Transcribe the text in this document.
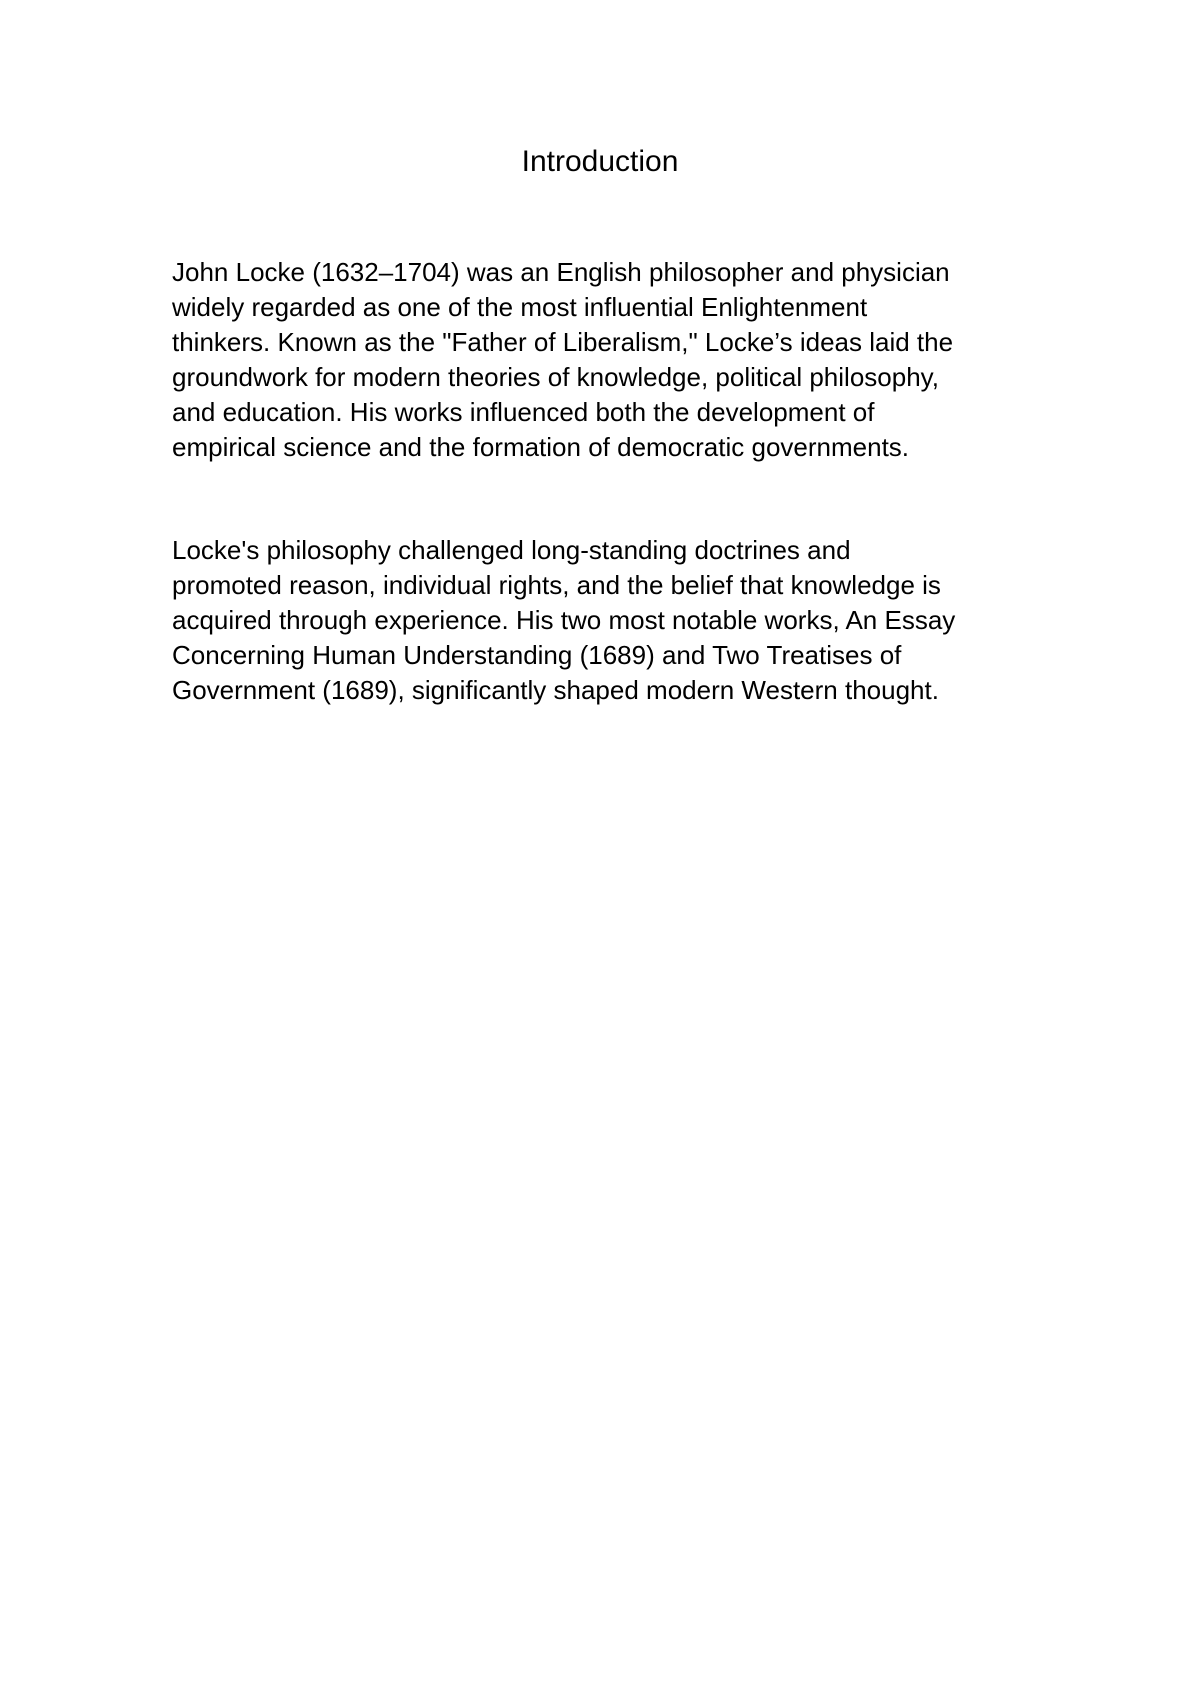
Introduction

John Locke (1632–1704) was an English philosopher and physician
widely regarded as one of the most influential Enlightenment
thinkers. Known as the "Father of Liberalism," Locke’s ideas laid the
groundwork for modern theories of knowledge, political philosophy,
and education. His works influenced both the development of
empirical science and the formation of democratic governments.

Locke's philosophy challenged long-standing doctrines and
promoted reason, individual rights, and the belief that knowledge is
acquired through experience. His two most notable works, An Essay
Concerning Human Understanding (1689) and Two Treatises of
Government (1689), significantly shaped modern Western thought.
